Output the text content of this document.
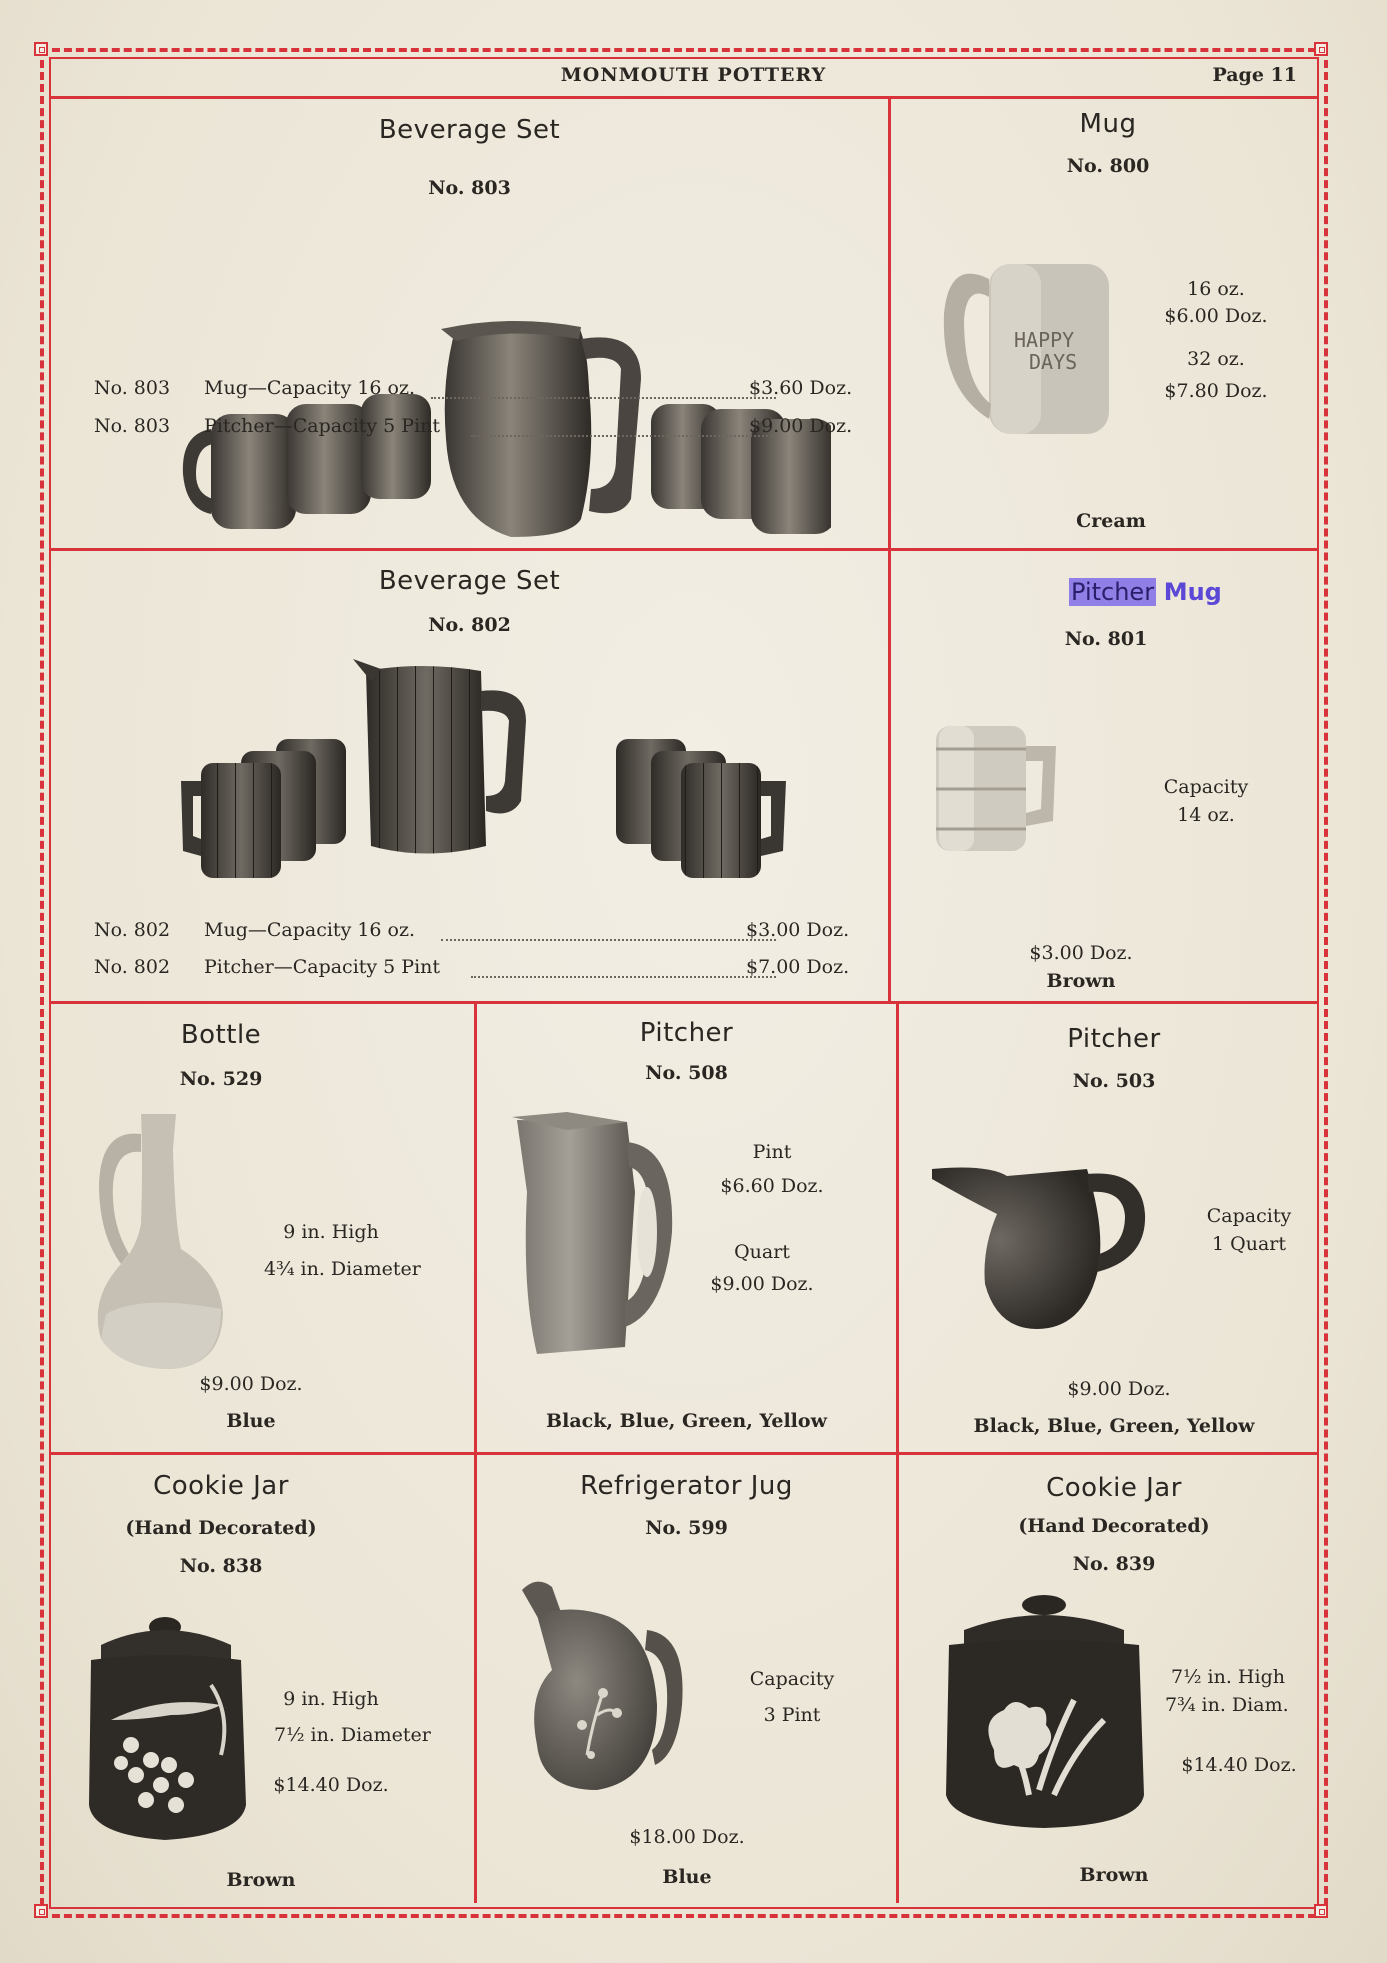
MONMOUTH POTTERY	Page 11
Beverage Set
No. 803
No. 803 Mug—Capacity 16 oz.	$3.60 Doz.
No. 803 Pitcher—Capacity 5 Pint	$9.00 Doz.
Mug
No. 800
HAPPY
DAYS
16 oz.
$6.00 Doz.
32 oz.
$7.80 Doz.
Cream
Beverage Set
No. 802
No. 802 Mug—Capacity 16 oz.	$3.00 Doz.
No. 802 Pitcher—Capacity 5 Pint	$7.00 Doz.
Pitcher Mug
No. 801
Capacity
14 oz.
$3.00 Doz.
Brown
Bottle
No. 529
9 in. High
4¾ in. Diameter
$9.00 Doz.
Blue
Pitcher
No. 508
Pint
$6.60 Doz.
Quart
$9.00 Doz.
Black, Blue, Green, Yellow
Pitcher
No. 503
Capacity
1 Quart
$9.00 Doz.
Black, Blue, Green, Yellow
Cookie Jar
(Hand Decorated)
No. 838
9 in. High
7½ in. Diameter
$14.40 Doz.
Brown
Refrigerator Jug
No. 599
Capacity
3 Pint
$18.00 Doz.
Blue
Cookie Jar
(Hand Decorated)
No. 839
7½ in. High
7¾ in. Diam.
$14.40 Doz.
Brown
